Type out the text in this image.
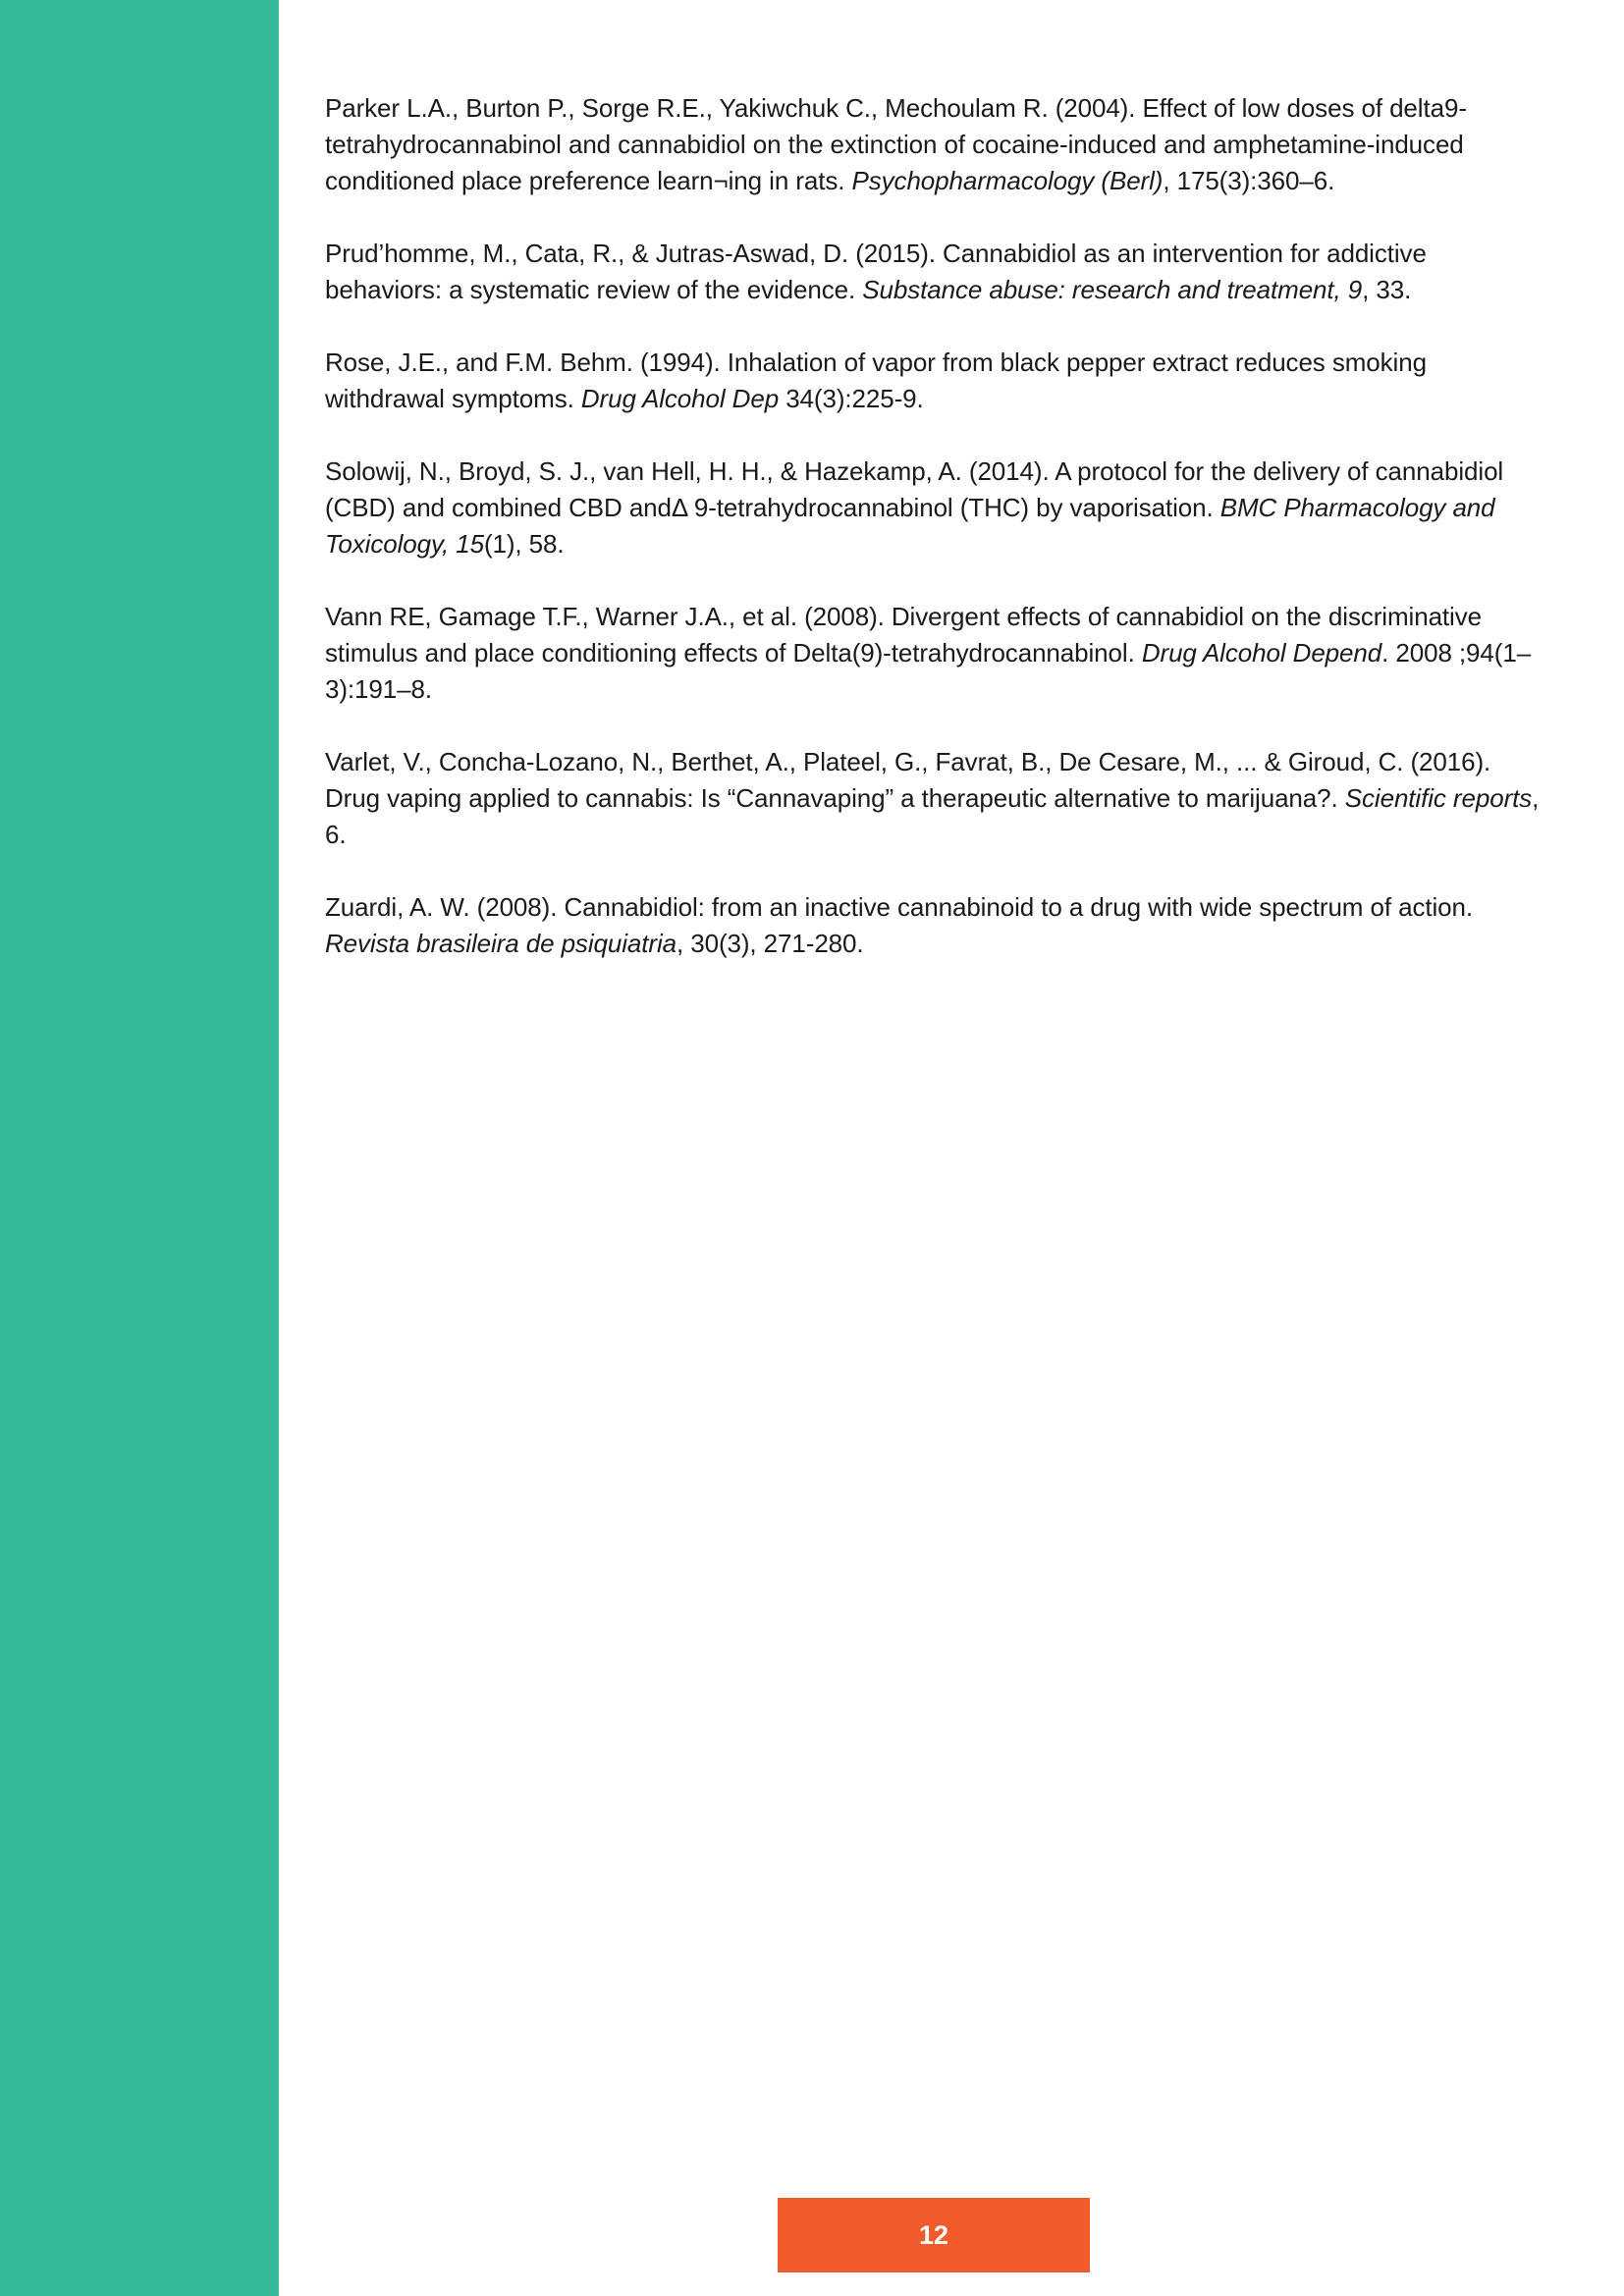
Parker L.A., Burton P., Sorge R.E., Yakiwchuk C., Mechoulam R. (2004). Effect of low doses of delta9-tetrahydrocannabinol and cannabidiol on the extinction of cocaine-induced and amphetamine-induced conditioned place preference learn¬ing in rats. Psychopharmacology (Berl), 175(3):360–6.

Prud’homme, M., Cata, R., & Jutras-Aswad, D. (2015). Cannabidiol as an intervention for addictive behaviors: a systematic review of the evidence. Substance abuse: research and treatment, 9, 33.

Rose, J.E., and F.M. Behm. (1994). Inhalation of vapor from black pepper extract reduces smoking withdrawal symptoms. Drug Alcohol Dep 34(3):225-9.

Solowij, N., Broyd, S. J., van Hell, H. H., & Hazekamp, A. (2014). A protocol for the delivery of cannabidiol (CBD) and combined CBD andΔ 9-tetrahydrocannabinol (THC) by vaporisation. BMC Pharmacology and Toxicology, 15(1), 58.

Vann RE, Gamage T.F., Warner J.A., et al. (2008). Divergent effects of cannabidiol on the discriminative stimulus and place conditioning effects of Delta(9)-tetrahydrocannabinol. Drug Alcohol Depend. 2008 ;94(1–3):191–8.

Varlet, V., Concha-Lozano, N., Berthet, A., Plateel, G., Favrat, B., De Cesare, M., ... & Giroud, C. (2016). Drug vaping applied to cannabis: Is “Cannavaping” a therapeutic alternative to marijuana?. Scientific reports, 6.

Zuardi, A. W. (2008). Cannabidiol: from an inactive cannabinoid to a drug with wide spectrum of action. Revista brasileira de psiquiatria, 30(3), 271-280.

12
